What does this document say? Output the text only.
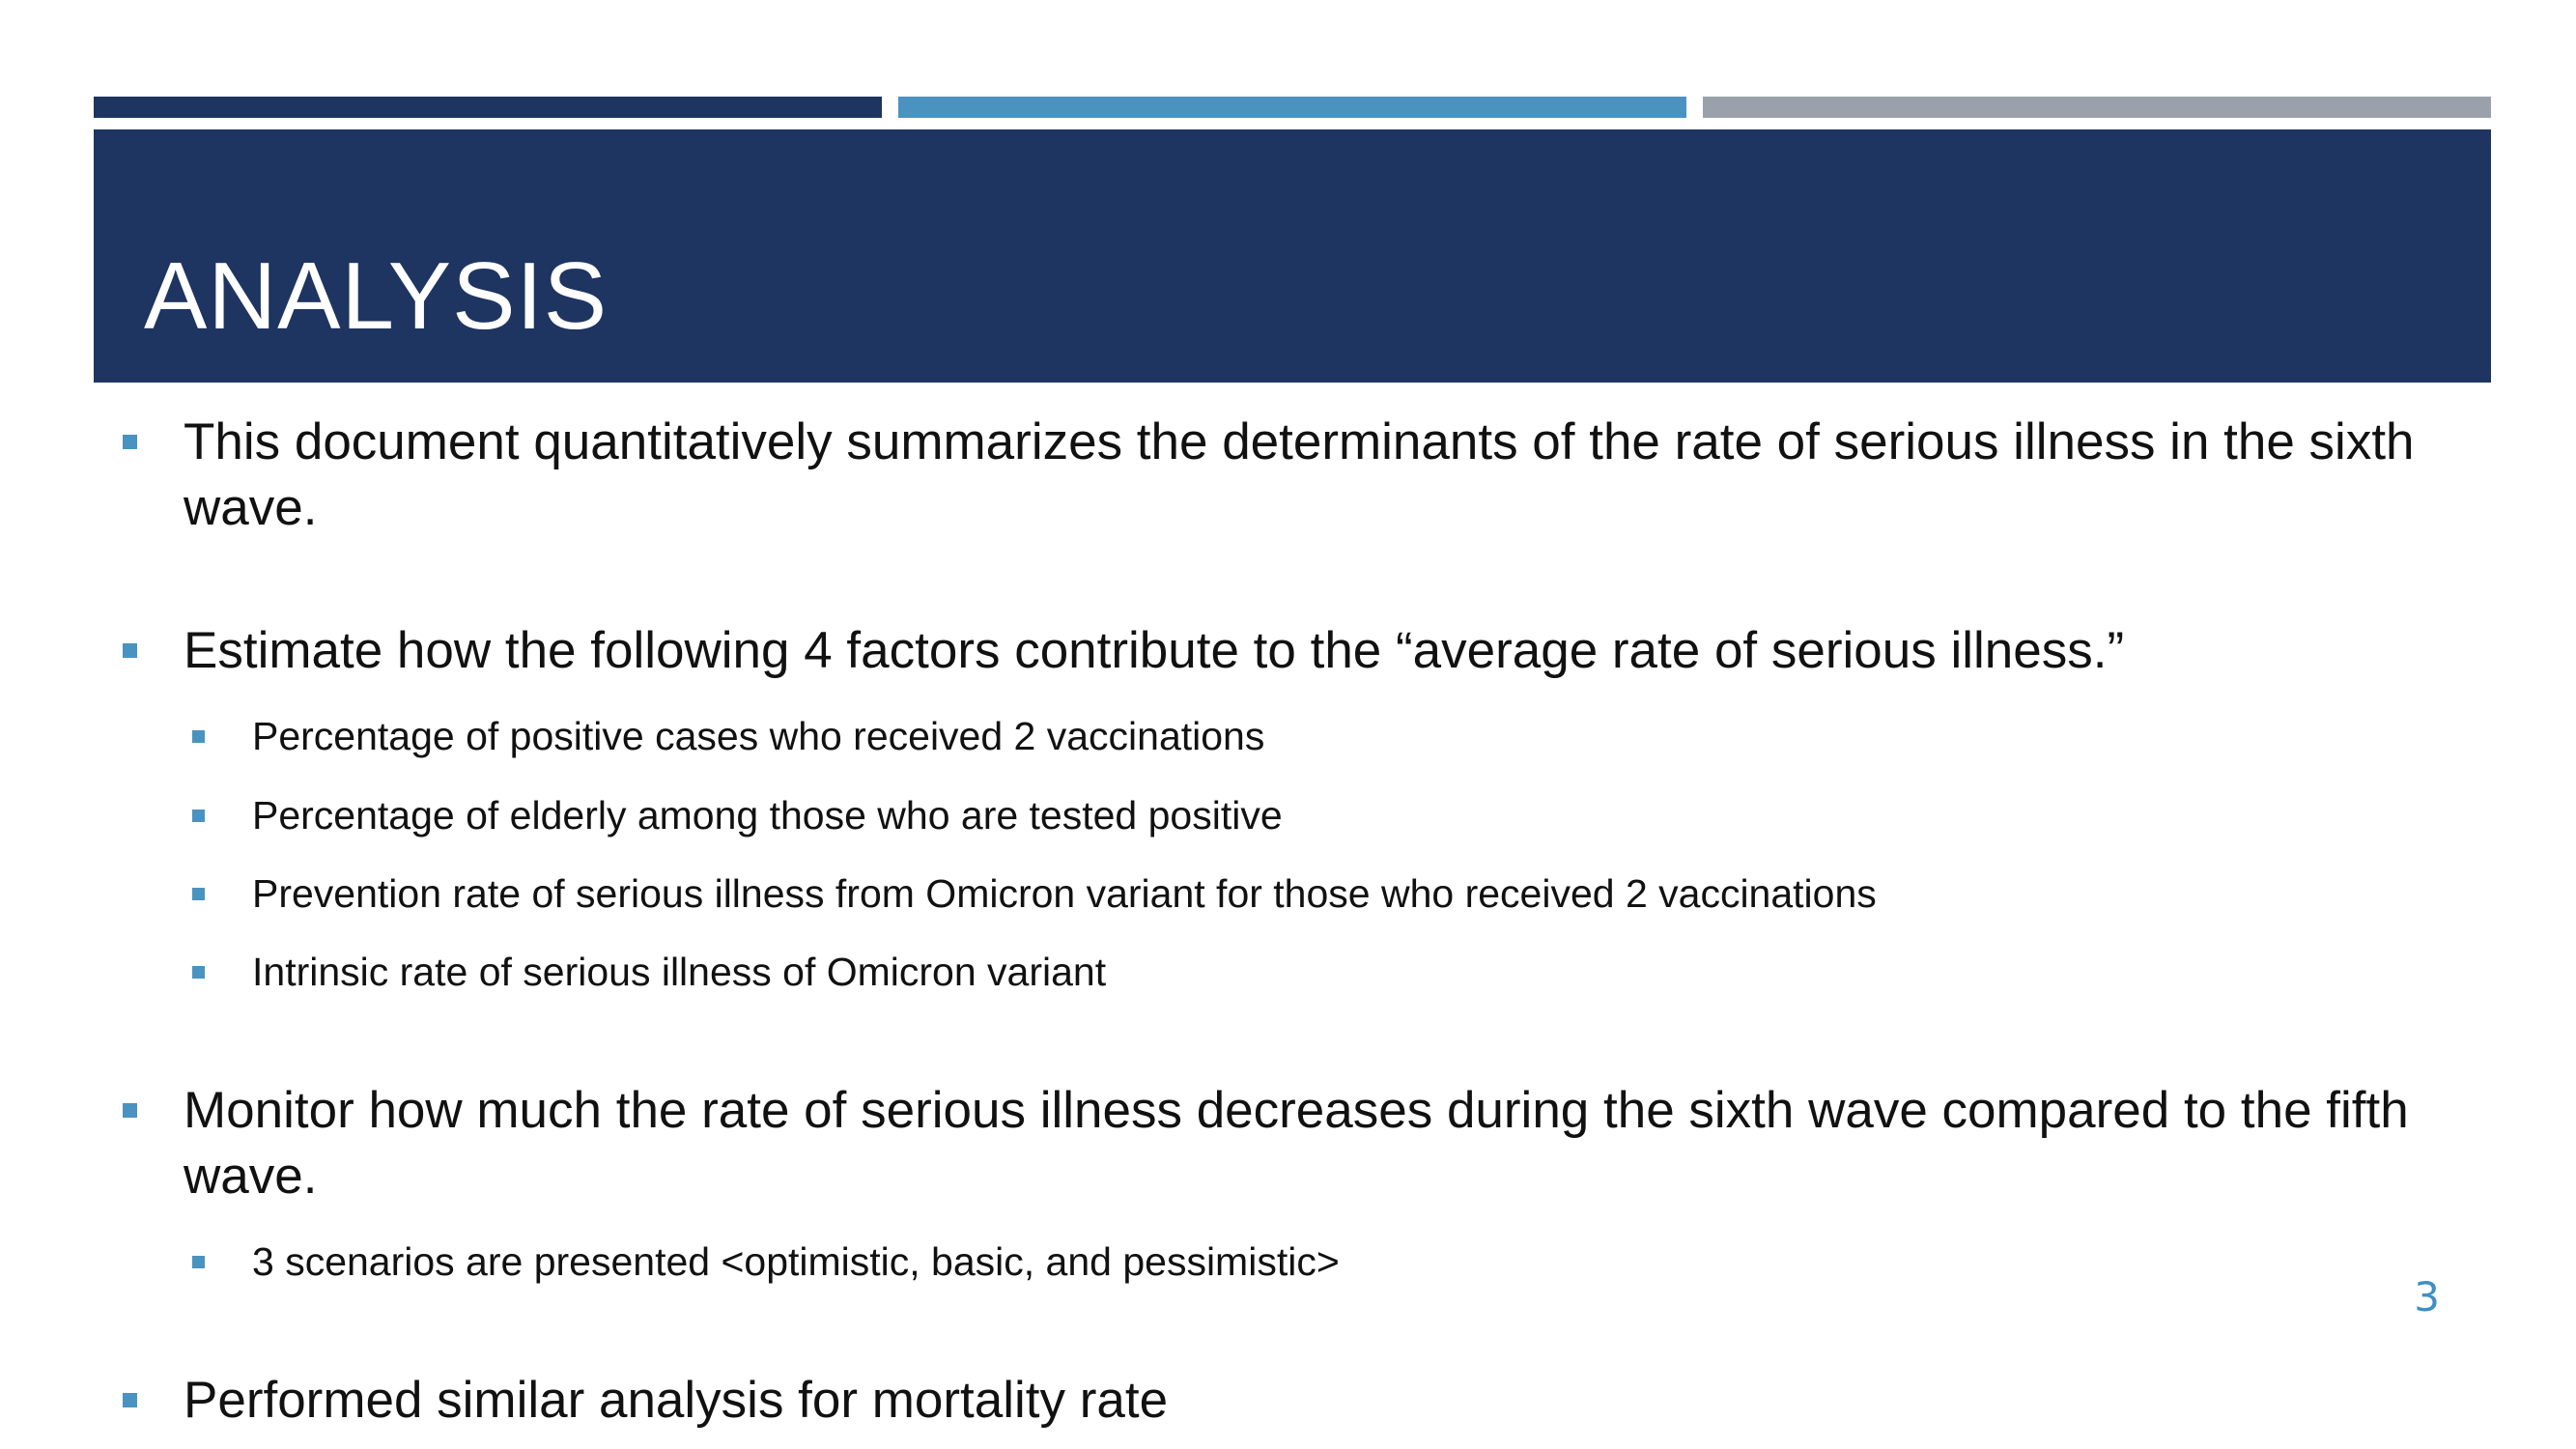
ANALYSIS
This document quantitatively summarizes the determinants of the rate of serious illness in the sixth wave.
Estimate how the following 4 factors contribute to the “average rate of serious illness.”
Percentage of positive cases who received 2 vaccinations
Percentage of elderly among those who are tested positive
Prevention rate of serious illness from Omicron variant for those who received 2 vaccinations
Intrinsic rate of serious illness of Omicron variant
Monitor how much the rate of serious illness decreases during the sixth wave compared to the fifth wave.
3 scenarios are presented <optimistic, basic, and pessimistic>
3
Performed similar analysis for mortality rate
